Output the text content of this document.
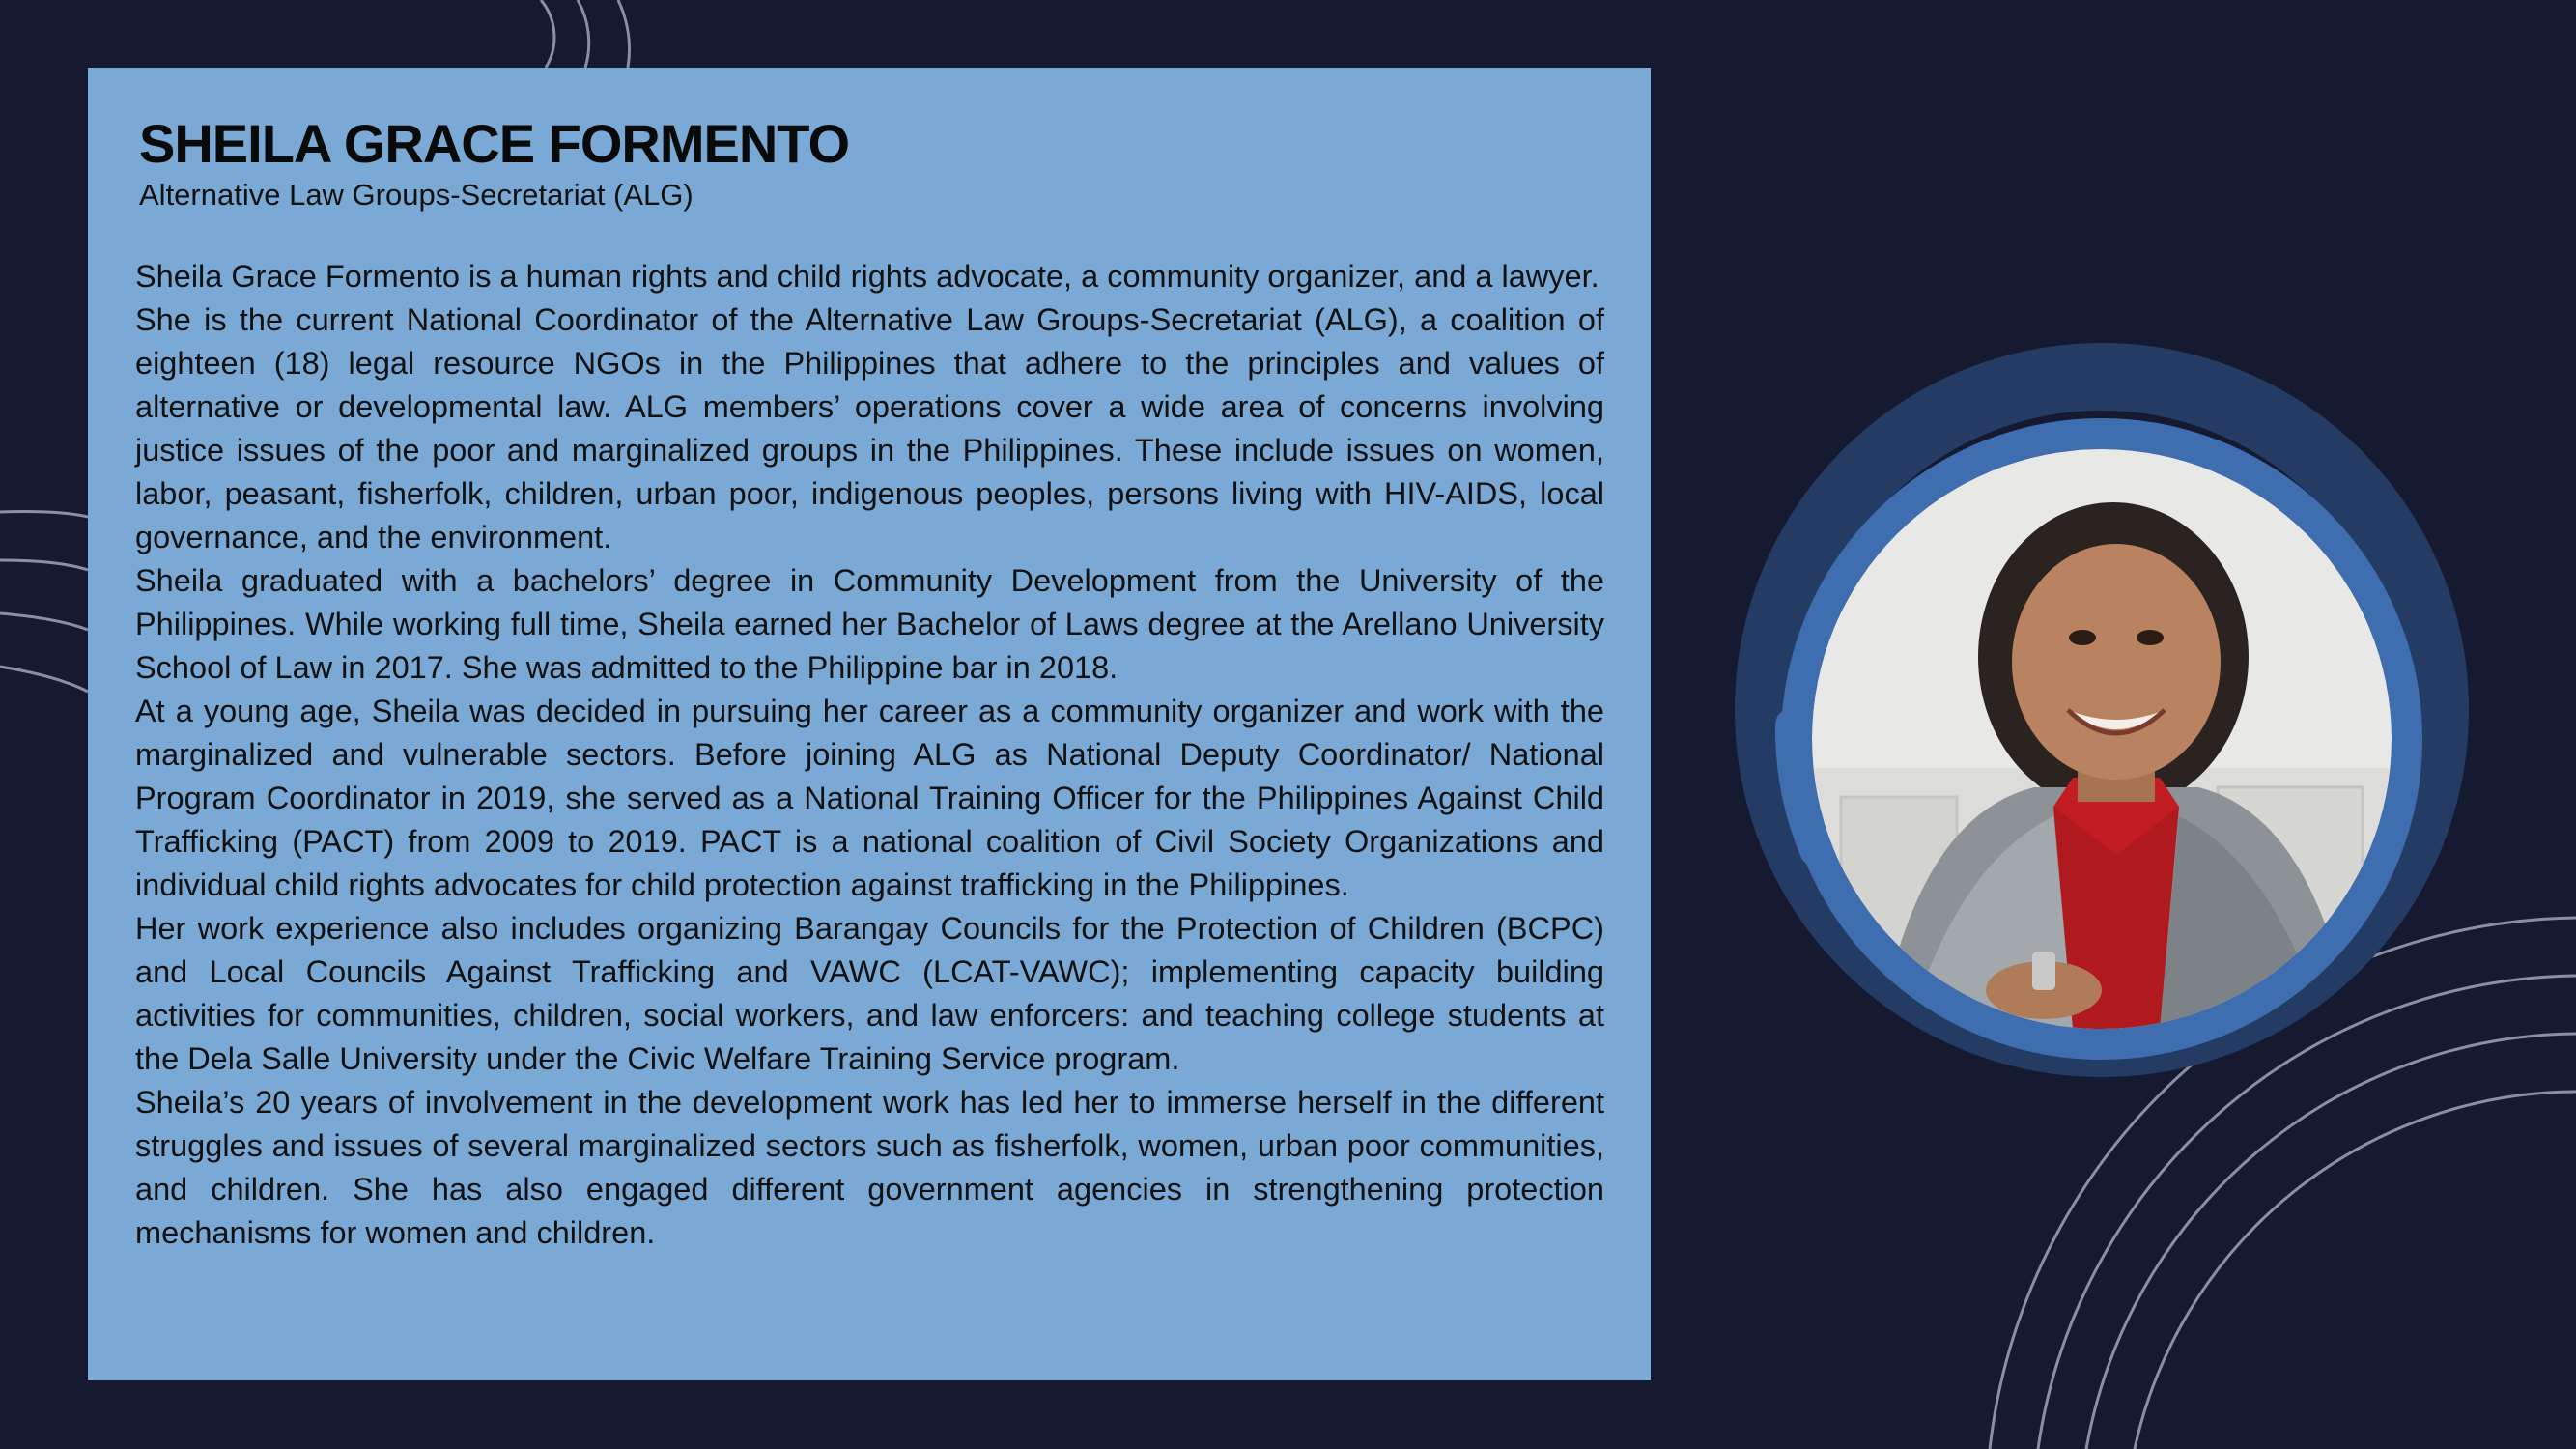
SHEILA GRACE FORMENTO
Alternative Law Groups-Secretariat (ALG)

Sheila Grace Formento is a human rights and child rights advocate, a community organizer, and a lawyer.

She is the current National Coordinator of the Alternative Law Groups-Secretariat (ALG), a coalition of eighteen (18) legal resource NGOs in the Philippines that adhere to the principles and values of alternative or developmental law. ALG members’ operations cover a wide area of concerns involving justice issues of the poor and marginalized groups in the Philippines. These include issues on women, labor, peasant, fisherfolk, children, urban poor, indigenous peoples, persons living with HIV-AIDS, local governance, and the environment.

Sheila graduated with a bachelors’ degree in Community Development from the University of the Philippines. While working full time, Sheila earned her Bachelor of Laws degree at the Arellano University School of Law in 2017. She was admitted to the Philippine bar in 2018.

At a young age, Sheila was decided in pursuing her career as a community organizer and work with the marginalized and vulnerable sectors. Before joining ALG as National Deputy Coordinator/ National Program Coordinator in 2019, she served as a National Training Officer for the Philippines Against Child Trafficking (PACT) from 2009 to 2019. PACT is a national coalition of Civil Society Organizations and individual child rights advocates for child protection against trafficking in the Philippines.

Her work experience also includes organizing Barangay Councils for the Protection of Children (BCPC) and Local Councils Against Trafficking and VAWC (LCAT-VAWC); implementing capacity building activities for communities, children, social workers, and law enforcers: and teaching college students at the Dela Salle University under the Civic Welfare Training Service program.

Sheila’s 20 years of involvement in the development work has led her to immerse herself in the different struggles and issues of several marginalized sectors such as fisherfolk, women, urban poor communities, and children. She has also engaged different government agencies in strengthening protection mechanisms for women and children.
